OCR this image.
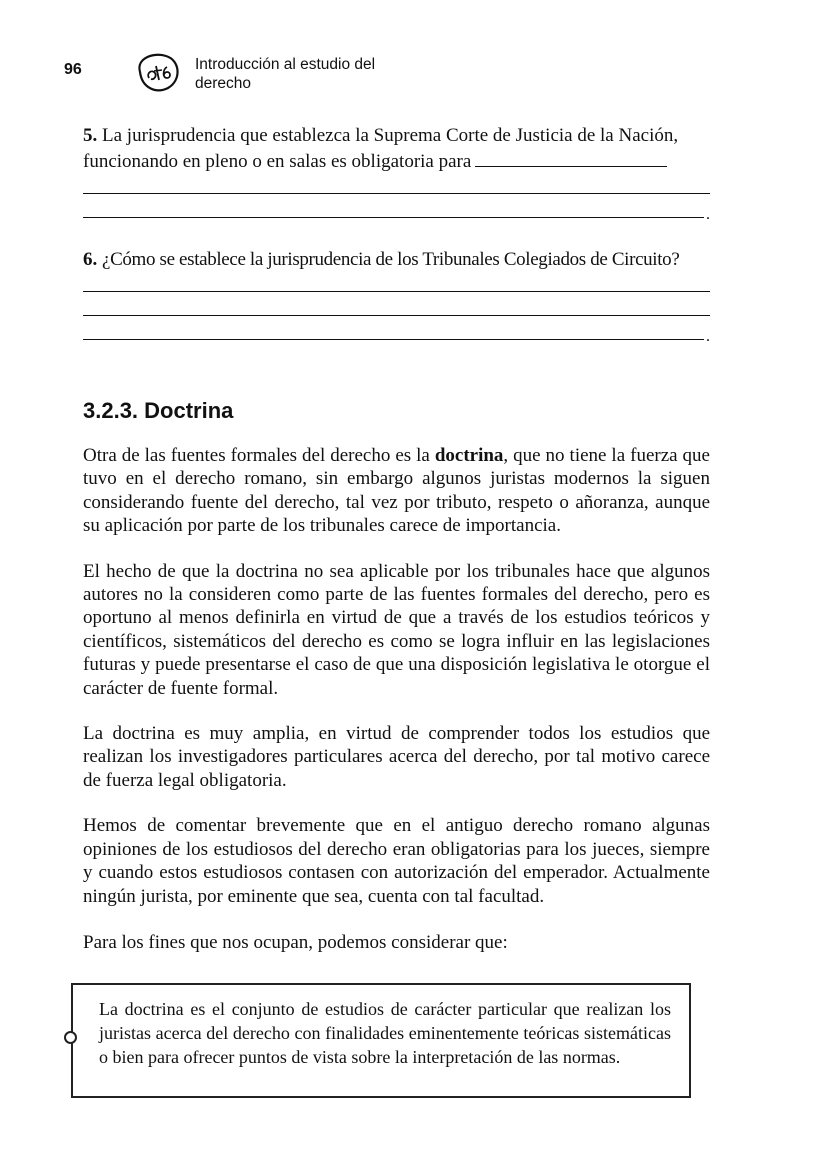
96	Introducción al estudio del
derecho

5. La jurisprudencia que establezca la Suprema Corte de Justicia de la Nación,
funcionando en pleno o en salas es obligatoria para

.

6. ¿Cómo se establece la jurisprudencia de los Tribunales Colegiados de Circuito?

.
3.2.3. Doctrina

Otra de las fuentes formales del derecho es la doctrina, que no tiene la fuerza que tuvo en el derecho romano, sin embargo algunos juristas modernos la siguen considerando fuente del derecho, tal vez por tributo, respeto o añoranza, aunque su aplicación por parte de los tribunales carece de importancia.

El hecho de que la doctrina no sea aplicable por los tribunales hace que algunos autores no la consideren como parte de las fuentes formales del derecho, pero es oportuno al menos definirla en virtud de que a través de los estudios teóricos y científicos, sistemáticos del derecho es como se logra influir en las legislaciones futuras y puede presentarse el caso de que una disposición legislativa le otorgue el carácter de fuente formal.

La doctrina es muy amplia, en virtud de comprender todos los estudios que realizan los investigadores particulares acerca del derecho, por tal motivo carece de fuerza legal obligatoria.

Hemos de comentar brevemente que en el antiguo derecho romano algunas opiniones de los estudiosos del derecho eran obligatorias para los jueces, siempre y cuando estos estudiosos contasen con autorización del emperador. Actualmente ningún jurista, por eminente que sea, cuenta con tal facultad.

Para los fines que nos ocupan, podemos considerar que:

La doctrina es el conjunto de estudios de carácter particular que realizan los juristas acerca del derecho con finalidades eminentemente teóricas sistemáticas o bien para ofrecer puntos de vista sobre la interpretación de las normas.
